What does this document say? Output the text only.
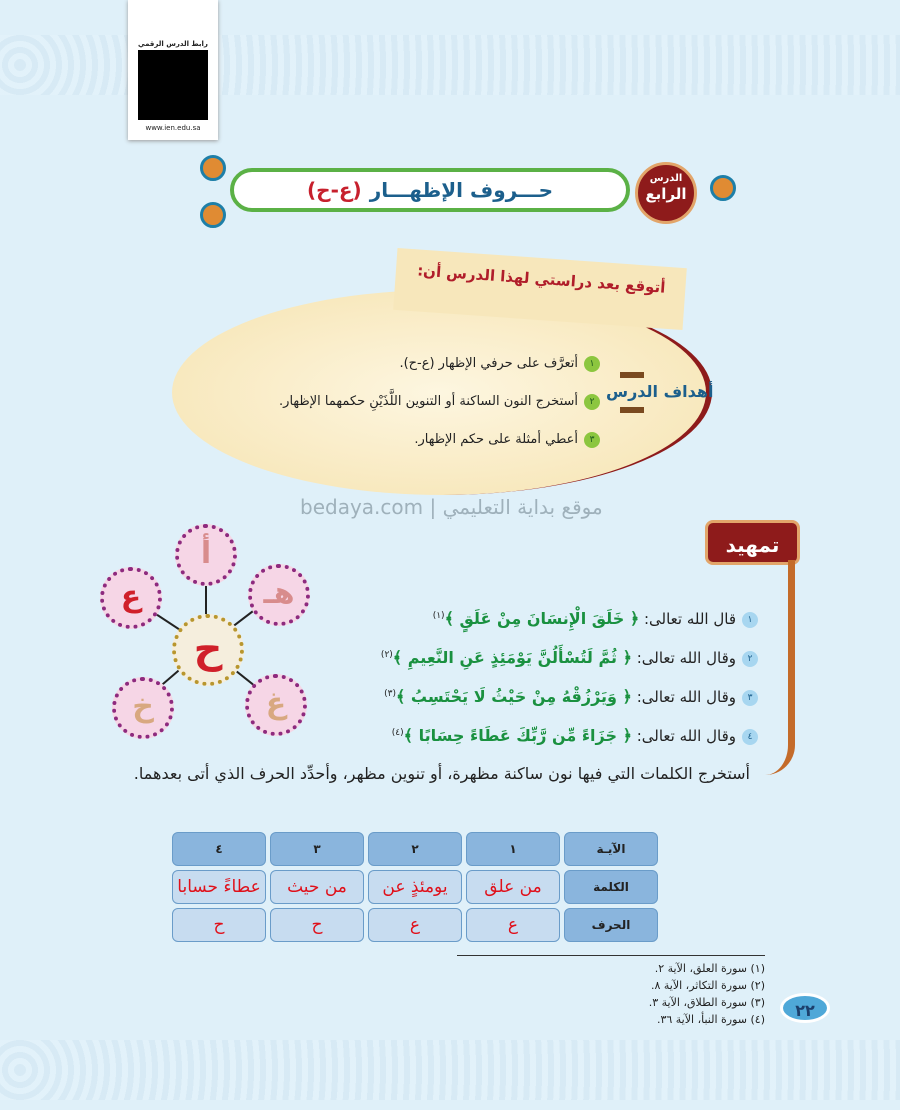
رابط الدرس الرقمي
www.ien.edu.sa
حـــروف الإظهـــار
(ع-ح)	الدرس
الرابع
أتوقع بعد دراستي لهذا الدرس أن:
١أتعرَّف على حرفي الإظهار (ع-ح).
٢أستخرج النون الساكنة أو التنوين اللَّذَيْنِ حكمهما الإظهار.
٣أعطي أمثلة على حكم الإظهار.
أهداف الدرس
تمهيد
أ
هـ
ع
ح
غ
خ
bedaya.com | موقع بداية التعليمي
١قال الله تعالى: ﴿ خَلَقَ الْإِنسَانَ مِنْ عَلَقٍ ﴾$^{(١)}$
٢وقال الله تعالى: ﴿ ثُمَّ لَتُسْأَلُنَّ يَوْمَئِذٍ عَنِ النَّعِيمِ ﴾$^{(٢)}$
٣وقال الله تعالى: ﴿ وَيَرْزُقْهُ مِنْ حَيْثُ لَا يَحْتَسِبُ ﴾$^{(٣)}$
٤وقال الله تعالى: ﴿ جَزَاءً مِّن رَّبِّكَ عَطَاءً حِسَابًا ﴾$^{(٤)}$
أستخرج الكلمات التي فيها نون ساكنة مظهرة، أو تنوين مظهر، وأحدِّد الحرف الذي أتى بعدهما.
الآيـة	١	٢	٣	٤
الكلمة	من علق	يومئذٍ عن	من حيث	عطاءً حسابا
الحرف	ع	ع	ح	ح
(١) سورة العلق، الآية ٢.
(٢) سورة التكاثر، الآية ٨.
(٣) سورة الطلاق، الآية ٣.
(٤) سورة النبأ، الآية ٣٦.	٢٢
